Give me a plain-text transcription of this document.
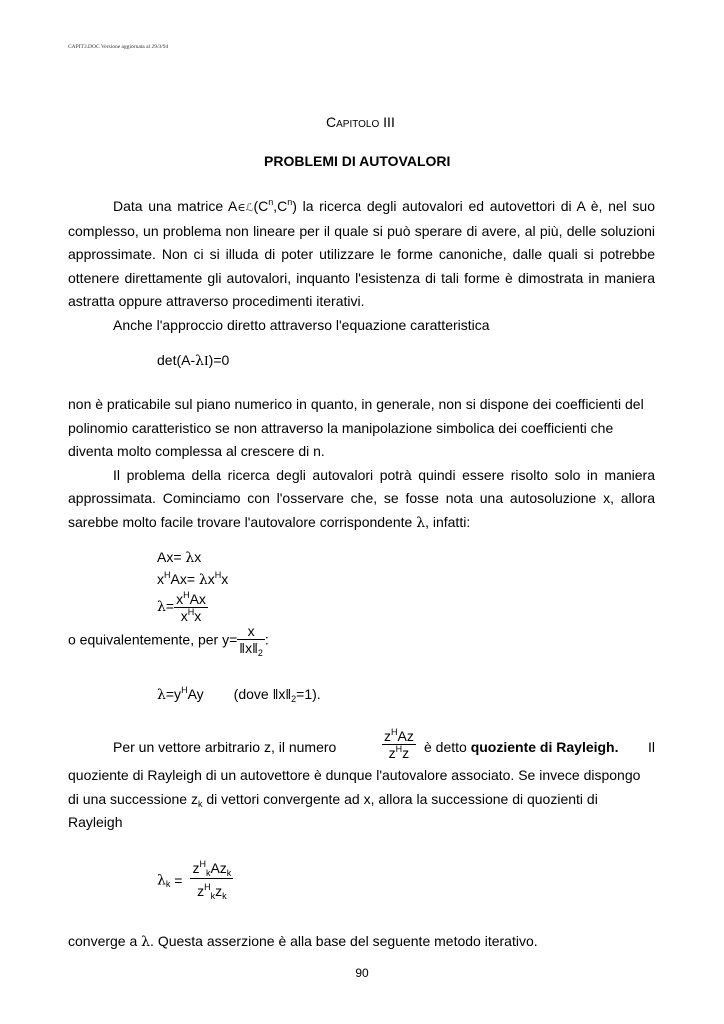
CAPIT3.DOC Versione aggiornata al 29/3/94
Capitolo III
PROBLEMI DI AUTOVALORI

Data una matrice $A\in ℒ(C^n,C^n)$ la ricerca degli autovalori ed autovettori di A è, nel suo complesso, un problema non lineare per il quale si può sperare di avere, al più, delle soluzioni approssimate. Non ci si illuda di poter utilizzare le forme canoniche, dalle quali si potrebbe ottenere direttamente gli autovalori, inquanto l'esistenza di tali forme è dimostrata in maniera astratta oppure attraverso procedimenti iterativi.

Anche l'approccio diretto attraverso l'equazione caratteristica

det(A-λI)=0

non è praticabile sul piano numerico in quanto, in generale, non si dispone dei coefficienti del polinomio caratteristico se non attraverso la manipolazione simbolica dei coefficienti che diventa molto complessa al crescere di n.

Il problema della ricerca degli autovalori potrà quindi essere risolto solo in maniera approssimata. Cominciamo con l'osservare che, se fosse nota una autosoluzione x, allora sarebbe molto facile trovare l'autovalore corrispondente λ, infatti:

Ax= λx
$x^HAx= \lambda x^Hx$
$\lambda= \frac{x^HAx}{x^Hx}$
o equivalentemente, per $y= \frac{x}{‖x‖_2}$ :
$\lambda=y^HAy$ (dove $‖x‖_2=1$).
Per un vettore arbitrario z, il numero
$z^HAz$
$z^Hz$	è detto quoziente di Rayleigh. Il

quoziente di Rayleigh di un autovettore è dunque l'autovalore associato. Se invece dispongo di una successione $z_k$ di vettori convergente ad x, allora la successione di quozienti di Rayleigh

$\lambda_k = \frac{z^H_kAz_k}{z^H_kz_k}$
converge a λ. Questa asserzione è alla base del seguente metodo iterativo.
90
